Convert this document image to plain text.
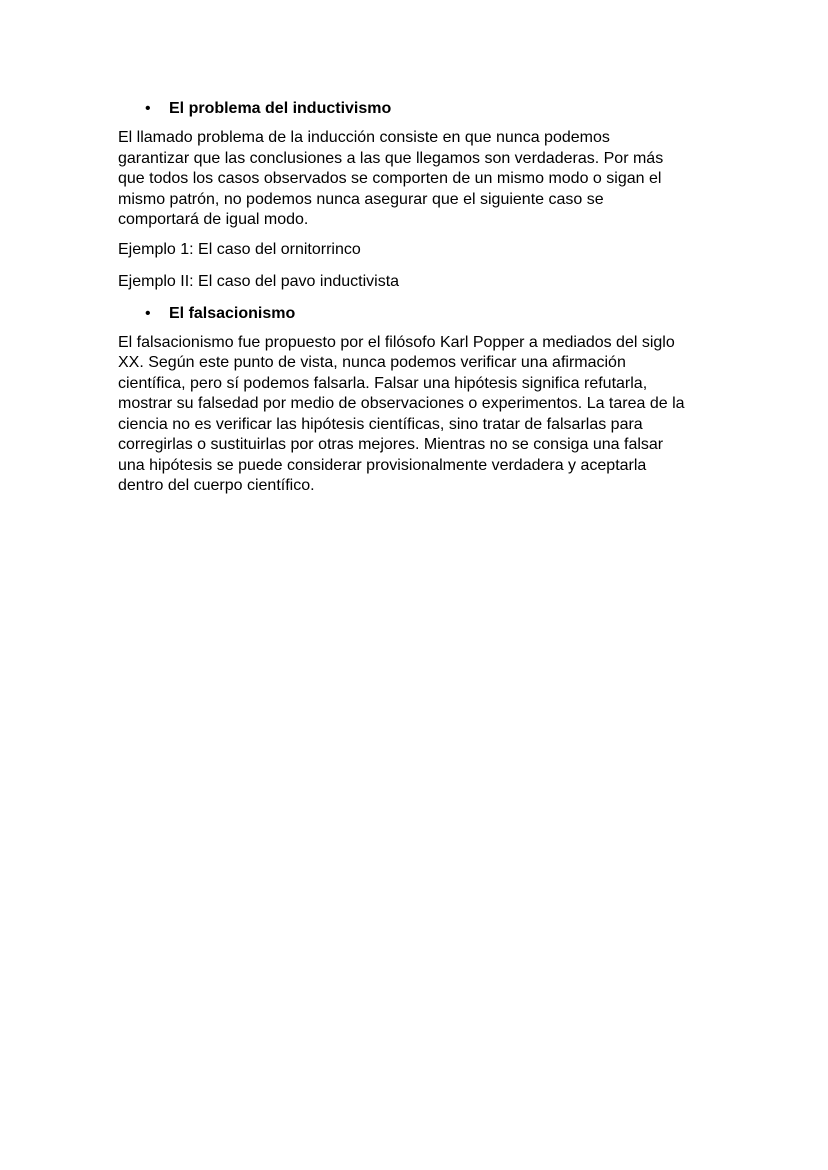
• El problema del inductivismo
El llamado problema de la inducción consiste en que nunca podemos
garantizar que las conclusiones a las que llegamos son verdaderas. Por más
que todos los casos observados se comporten de un mismo modo o sigan el
mismo patrón, no podemos nunca asegurar que el siguiente caso se
comportará de igual modo.
Ejemplo 1: El caso del ornitorrinco
Ejemplo II: El caso del pavo inductivista
• El falsacionismo
El falsacionismo fue propuesto por el filósofo Karl Popper a mediados del siglo
XX. Según este punto de vista, nunca podemos verificar una afirmación
científica, pero sí podemos falsarla. Falsar una hipótesis significa refutarla,
mostrar su falsedad por medio de observaciones o experimentos. La tarea de la
ciencia no es verificar las hipótesis científicas, sino tratar de falsarlas para
corregirlas o sustituirlas por otras mejores. Mientras no se consiga una falsar
una hipótesis se puede considerar provisionalmente verdadera y aceptarla
dentro del cuerpo científico.
